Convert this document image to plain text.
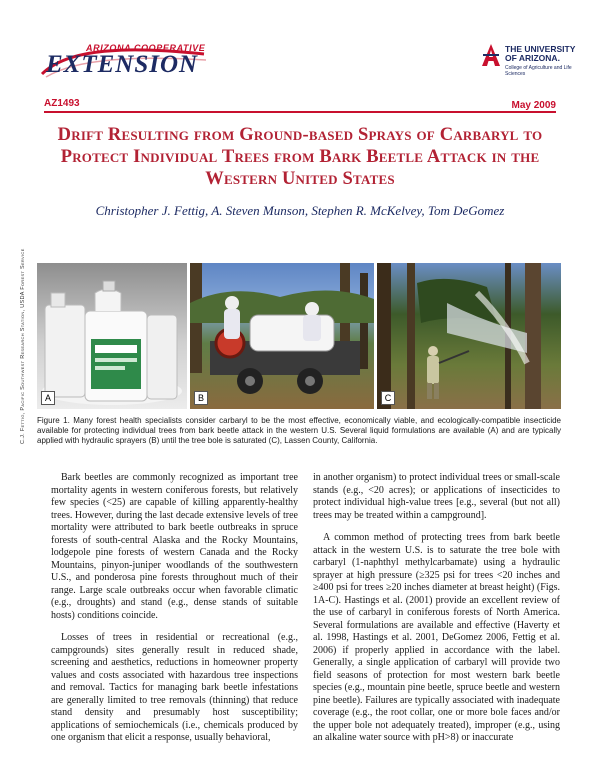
ARIZONA COOPERATIVE
EXTENSION
THE UNIVERSITY OF ARIZONA.
College of Agriculture and Life Sciences
AZ1493	May 2009
Drift Resulting from Ground-based Sprays of Carbaryl to Protect Individual Trees from Bark Beetle Attack in the Western United States
Christopher J. Fettig, A. Steven Munson, Stephen R. McKelvey, Tom DeGomez
C.J. Fettig, Pacific Southwest Research Station, USDA Forest Service	A	B	C
Figure 1. Many forest health specialists consider carbaryl to be the most effective, economically viable, and ecologically-compatible insecticide available for protecting individual trees from bark beetle attack in the western U.S. Several liquid formulations are available (A) and are typically applied with hydraulic sprayers (B) until the tree bole is saturated (C), Lassen County, California.

Bark beetles are commonly recognized as important tree mortality agents in western coniferous forests, but relatively few species (<25) are capable of killing apparently-healthy trees. However, during the last decade extensive levels of tree mortality were attributed to bark beetle outbreaks in spruce forests of south-central Alaska and the Rocky Mountains, lodgepole pine forests of western Canada and the Rocky Mountains, pinyon-juniper woodlands of the southwestern U.S., and ponderosa pine forests throughout much of their range. Large scale outbreaks occur when favorable climatic (e.g., droughts) and stand (e.g., dense stands of suitable hosts) conditions coincide.

Losses of trees in residential or recreational (e.g., campgrounds) sites generally result in reduced shade, screening and aesthetics, reductions in homeowner property values and costs associated with hazardous tree inspections and removal. Tactics for managing bark beetle infestations are generally limited to tree removals (thinning) that reduce stand density and presumably host susceptibility; applications of semiochemicals (i.e., chemicals produced by one organism that elicit a response, usually behavioral,

in another organism) to protect individual trees or small-scale stands (e.g., <20 acres); or applications of insecticides to protect individual high-value trees [e.g., several (but not all) trees may be treated within a campground].

A common method of protecting trees from bark beetle attack in the western U.S. is to saturate the tree bole with carbaryl (1-naphthyl methylcarbamate) using a hydraulic sprayer at high pressure (≥325 psi for trees <20 inches and ≥400 psi for trees ≥20 inches diameter at breast height) (Figs. 1A-C). Hastings et al. (2001) provide an excellent review of the use of carbaryl in coniferous forests of North America. Several formulations are available and effective (Haverty et al. 1998, Hastings et al. 2001, DeGomez 2006, Fettig et al. 2006) if properly applied in accordance with the label. Generally, a single application of carbaryl will provide two field seasons of protection for most western bark beetle species (e.g., mountain pine beetle, spruce beetle and western pine beetle). Failures are typically associated with inadequate coverage (e.g., the root collar, one or more bole faces and/or the upper bole not adequately treated), improper (e.g., using an alkaline water source with pH>8) or inaccurate
